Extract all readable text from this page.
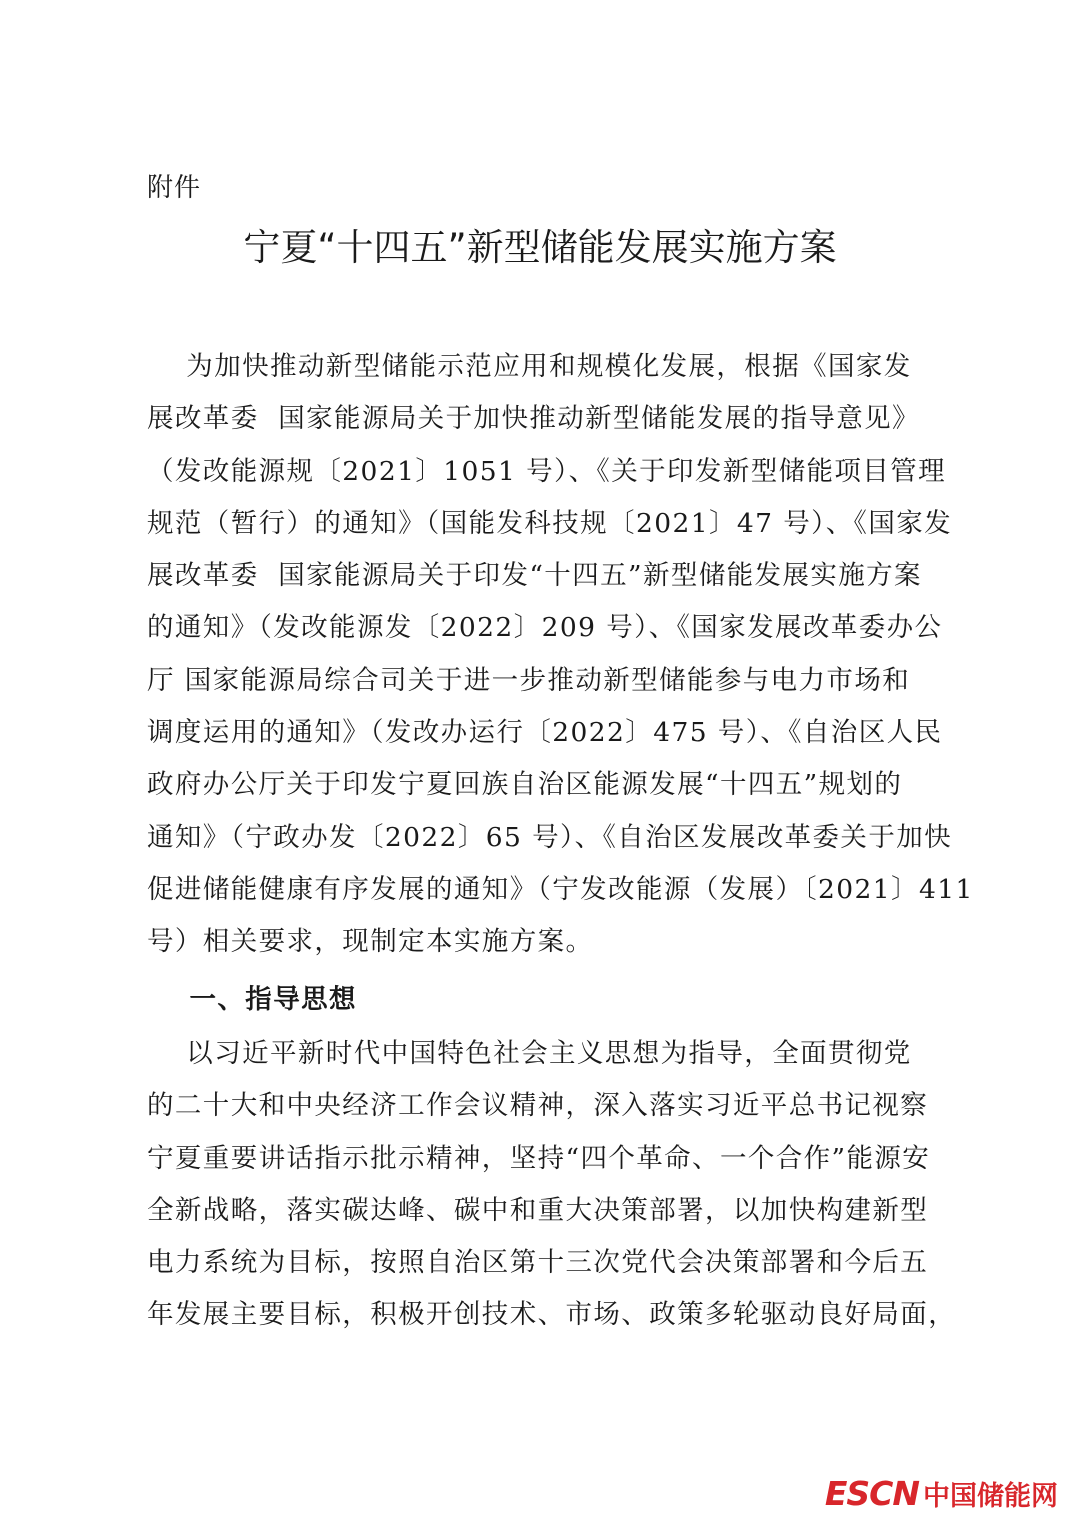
附件
宁夏“十四五”新型储能发展实施方案
为加快推动新型储能示范应用和规模化发展，根据《国家发
展改革委  国家能源局关于加快推动新型储能发展的指导意见》
（发改能源规〔2021〕1051 号）、《关于印发新型储能项目管理
规范（暂行）的通知》（国能发科技规〔2021〕47 号）、《国家发
展改革委  国家能源局关于印发“十四五”新型储能发展实施方案
的通知》（发改能源发〔2022〕209 号）、《国家发展改革委办公
厅 国家能源局综合司关于进一步推动新型储能参与电力市场和
调度运用的通知》（发改办运行〔2022〕475 号）、《自治区人民
政府办公厅关于印发宁夏回族自治区能源发展“十四五”规划的
通知》（宁政办发〔2022〕65 号）、《自治区发展改革委关于加快
促进储能健康有序发展的通知》（宁发改能源（发展）〔2021〕411
号）相关要求，现制定本实施方案。
一、指导思想
以习近平新时代中国特色社会主义思想为指导，全面贯彻党
的二十大和中央经济工作会议精神，深入落实习近平总书记视察
宁夏重要讲话指示批示精神，坚持“四个革命、一个合作”能源安
全新战略，落实碳达峰、碳中和重大决策部署，以加快构建新型
电力系统为目标，按照自治区第十三次党代会决策部署和今后五
年发展主要目标，积极开创技术、市场、政策多轮驱动良好局面，
ESCN 中国储能网
